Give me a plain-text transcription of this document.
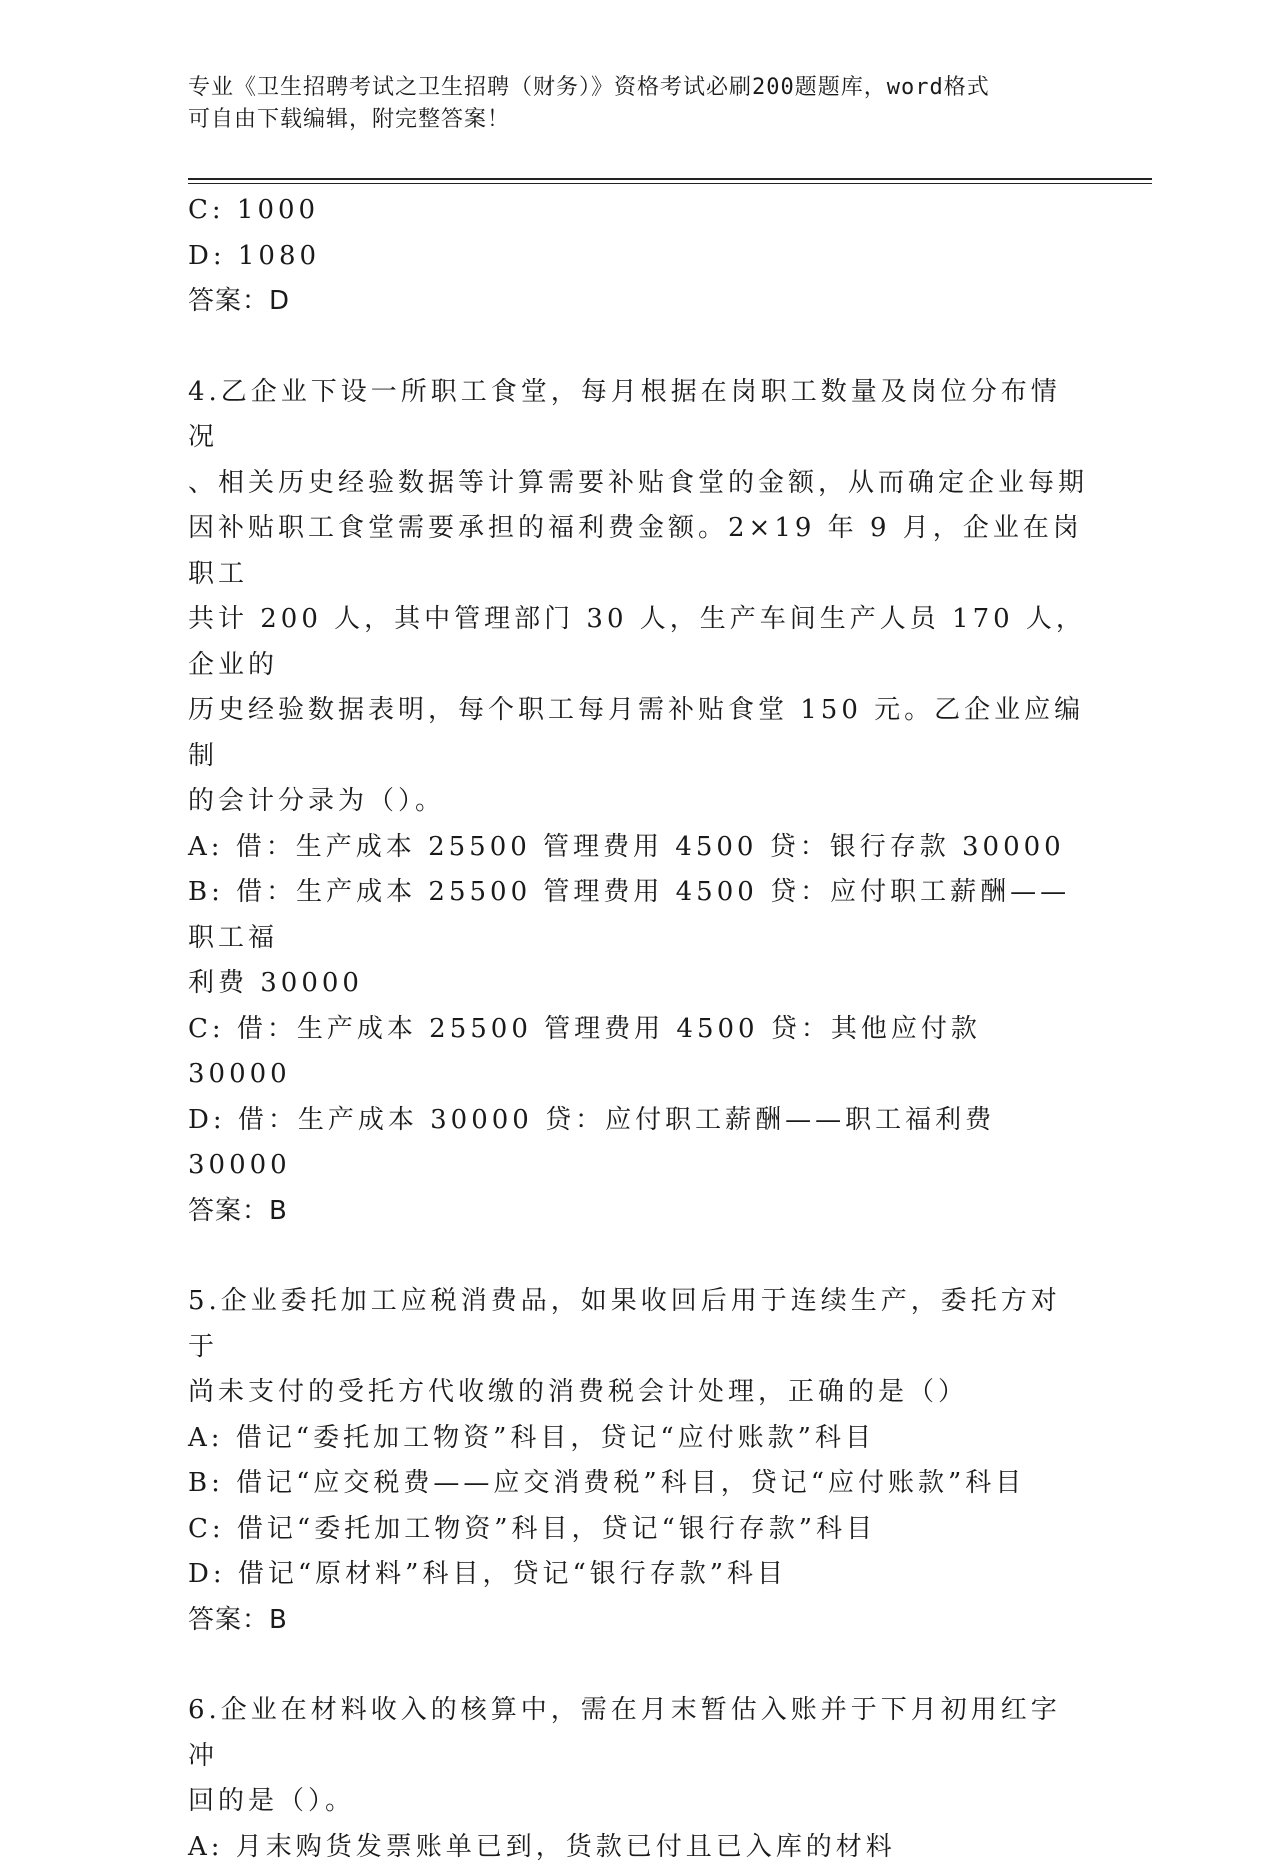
专业《卫生招聘考试之卫生招聘（财务）》资格考试必刷200题题库，word格式
可自由下载编辑，附完整答案！

C: 1000

D: 1080

答案：D

4.乙企业下设一所职工食堂，每月根据在岗职工数量及岗位分布情况

、相关历史经验数据等计算需要补贴食堂的金额，从而确定企业每期

因补贴职工食堂需要承担的福利费金额。2×19 年 9 月，企业在岗职工

共计 200 人，其中管理部门 30 人，生产车间生产人员 170 人，企业的

历史经验数据表明，每个职工每月需补贴食堂 150 元。乙企业应编制

的会计分录为（）。

A: 借：生产成本 25500 管理费用 4500 贷：银行存款 30000

B: 借：生产成本 25500 管理费用 4500 贷：应付职工薪酬——职工福

利费 30000

C: 借：生产成本 25500 管理费用 4500 贷：其他应付款 30000

D: 借：生产成本 30000 贷：应付职工薪酬——职工福利费 30000

答案：B

5.企业委托加工应税消费品，如果收回后用于连续生产，委托方对于

尚未支付的受托方代收缴的消费税会计处理，正确的是（）

A: 借记“委托加工物资”科目，贷记“应付账款”科目

B: 借记“应交税费——应交消费税”科目，贷记“应付账款”科目

C: 借记“委托加工物资”科目，贷记“银行存款”科目

D: 借记“原材料”科目，贷记“银行存款”科目

答案：B

6.企业在材料收入的核算中，需在月末暂估入账并于下月初用红字冲

回的是（）。

A: 月末购货发票账单已到，货款已付且已入库的材料
